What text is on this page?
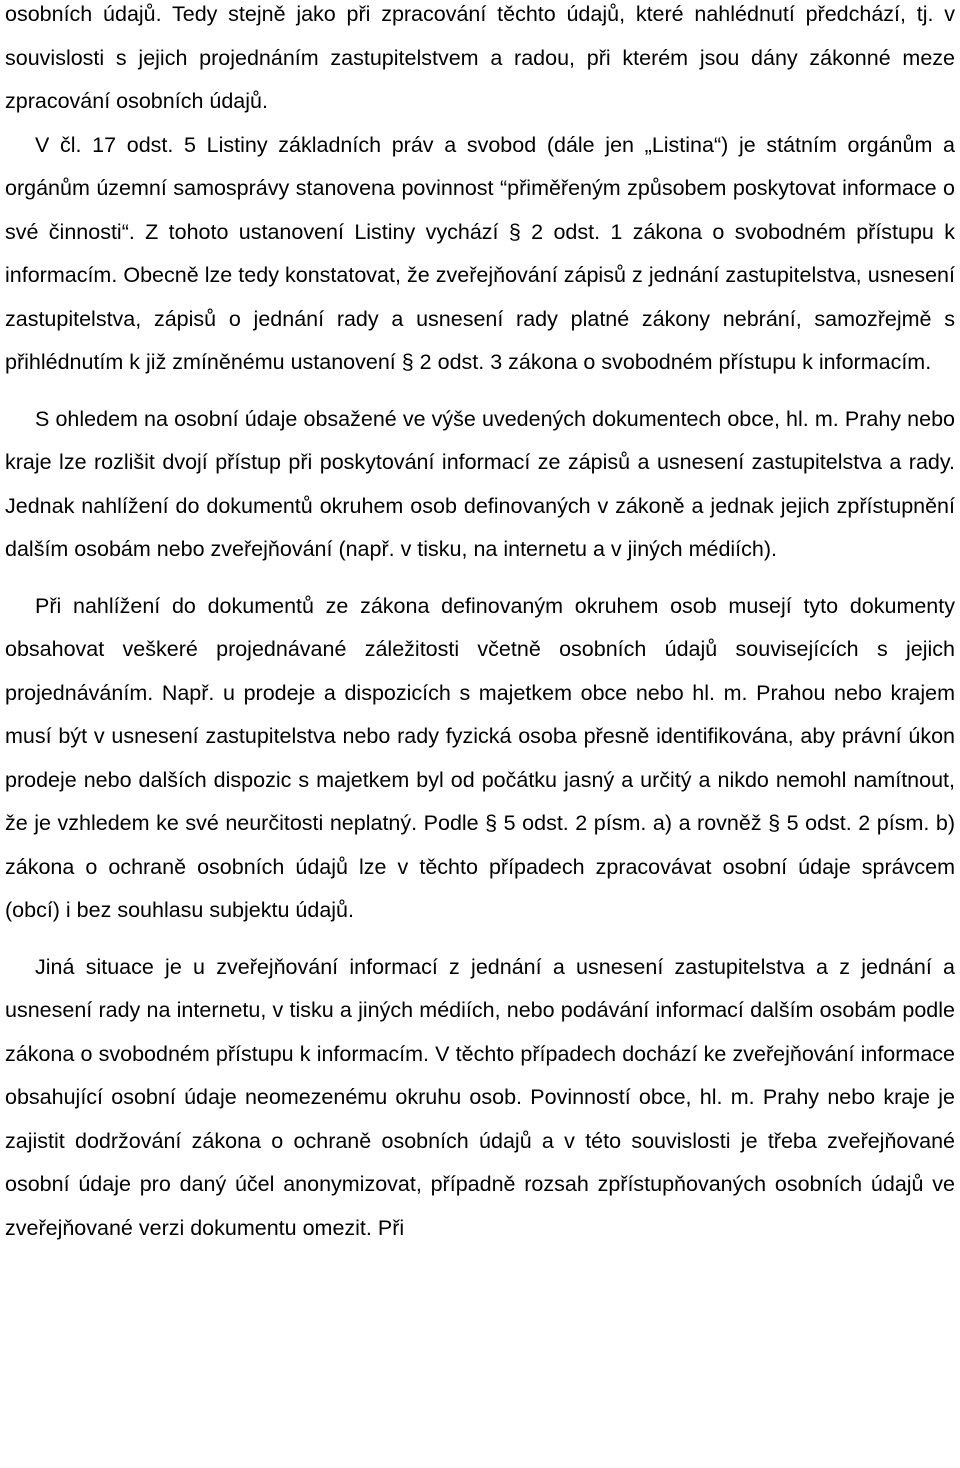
osobních údajů. Tedy stejně jako při zpracování těchto údajů, které nahlédnutí předchází, tj. v souvislosti s jejich projednáním zastupitelstvem a radou, při kterém jsou dány zákonné meze zpracování osobních údajů.

V čl. 17 odst. 5 Listiny základních práv a svobod (dále jen „Listina“) je státním orgánům a orgánům územní samosprávy stanovena povinnost “přiměřeným způsobem poskytovat informace o své činnosti“. Z tohoto ustanovení Listiny vychází § 2 odst. 1 zákona o svobodném přístupu k informacím. Obecně lze tedy konstatovat, že zveřejňování zápisů z jednání zastupitelstva, usnesení zastupitelstva, zápisů o jednání rady a usnesení rady platné zákony nebrání, samozřejmě s přihlédnutím k již zmíněnému ustanovení § 2 odst. 3 zákona o svobodném přístupu k informacím.

S ohledem na osobní údaje obsažené ve výše uvedených dokumentech obce, hl. m. Prahy nebo kraje lze rozlišit dvojí přístup při poskytování informací ze zápisů a usnesení zastupitelstva a rady. Jednak nahlížení do dokumentů okruhem osob definovaných v zákoně a jednak jejich zpřístupnění dalším osobám nebo zveřejňování (např. v tisku, na internetu a v jiných médiích).

Při nahlížení do dokumentů ze zákona definovaným okruhem osob musejí tyto dokumenty obsahovat veškeré projednávané záležitosti včetně osobních údajů souvisejících s jejich projednáváním. Např. u prodeje a dispozicích s majetkem obce nebo hl. m. Prahou nebo krajem musí být v usnesení zastupitelstva nebo rady fyzická osoba přesně identifikována, aby právní úkon prodeje nebo dalších dispozic s majetkem byl od počátku jasný a určitý a nikdo nemohl namítnout, že je vzhledem ke své neurčitosti neplatný. Podle § 5 odst. 2 písm. a) a rovněž § 5 odst. 2 písm. b) zákona o ochraně osobních údajů lze v těchto případech zpracovávat osobní údaje správcem (obcí) i bez souhlasu subjektu údajů.

Jiná situace je u zveřejňování informací z jednání a usnesení zastupitelstva a z jednání a usnesení rady na internetu, v tisku a jiných médiích, nebo podávání informací dalším osobám podle zákona o svobodném přístupu k informacím. V těchto případech dochází ke zveřejňování informace obsahující osobní údaje neomezenému okruhu osob. Povinností obce, hl. m. Prahy nebo kraje je zajistit dodržování zákona o ochraně osobních údajů a v této souvislosti je třeba zveřejňované osobní údaje pro daný účel anonymizovat, případně rozsah zpřístupňovaných osobních údajů ve zveřejňované verzi dokumentu omezit. Při
